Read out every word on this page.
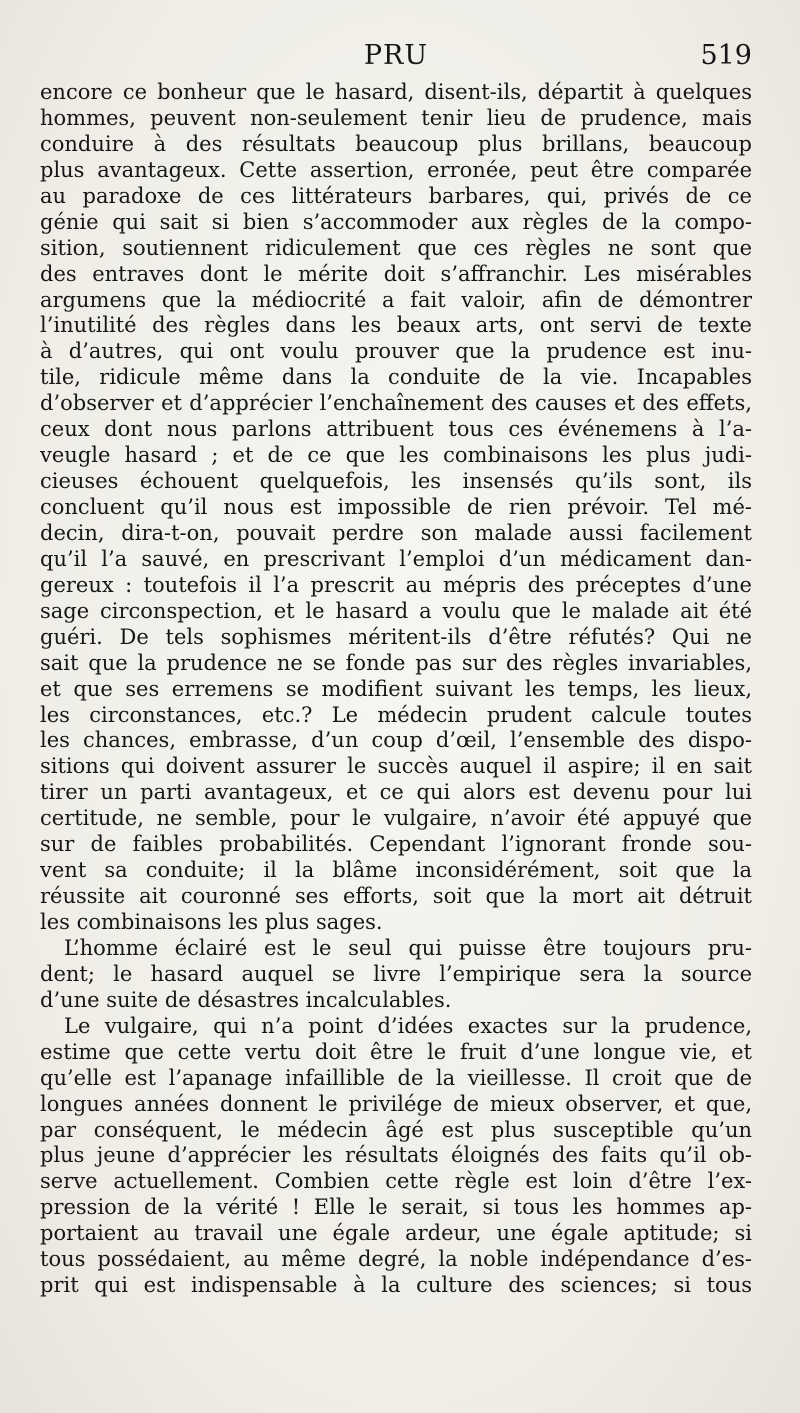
PRU	519
encore ce bonheur que le hasard, disent-ils, départit à quelques
hommes, peuvent non-seulement tenir lieu de prudence, mais
conduire à des résultats beaucoup plus brillans, beaucoup
plus avantageux. Cette assertion, erronée, peut être comparée
au paradoxe de ces littérateurs barbares, qui, privés de ce
génie qui sait si bien s’accommoder aux règles de la compo-
sition, soutiennent ridiculement que ces règles ne sont que
des entraves dont le mérite doit s’affranchir. Les misérables
argumens que la médiocrité a fait valoir, afin de démontrer
l’inutilité des règles dans les beaux arts, ont servi de texte
à d’autres, qui ont voulu prouver que la prudence est inu-
tile, ridicule même dans la conduite de la vie. Incapables
d’observer et d’apprécier l’enchaînement des causes et des effets,
ceux dont nous parlons attribuent tous ces événemens à l’a-
veugle hasard ; et de ce que les combinaisons les plus judi-
cieuses échouent quelquefois, les insensés qu’ils sont, ils
concluent qu’il nous est impossible de rien prévoir. Tel mé-
decin, dira-t-on, pouvait perdre son malade aussi facilement
qu’il l’a sauvé, en prescrivant l’emploi d’un médicament dan-
gereux : toutefois il l’a prescrit au mépris des préceptes d’une
sage circonspection, et le hasard a voulu que le malade ait été
guéri. De tels sophismes méritent-ils d’être réfutés? Qui ne
sait que la prudence ne se fonde pas sur des règles invariables,
et que ses erremens se modifient suivant les temps, les lieux,
les circonstances, etc.? Le médecin prudent calcule toutes
les chances, embrasse, d’un coup d’œil, l’ensemble des dispo-
sitions qui doivent assurer le succès auquel il aspire; il en sait
tirer un parti avantageux, et ce qui alors est devenu pour lui
certitude, ne semble, pour le vulgaire, n’avoir été appuyé que
sur de faibles probabilités. Cependant l’ignorant fronde sou-
vent sa conduite; il la blâme inconsidérément, soit que la
réussite ait couronné ses efforts, soit que la mort ait détruit
les combinaisons les plus sages.
L’homme éclairé est le seul qui puisse être toujours pru-
dent; le hasard auquel se livre l’empirique sera la source
d’une suite de désastres incalculables.
Le vulgaire, qui n’a point d’idées exactes sur la prudence,
estime que cette vertu doit être le fruit d’une longue vie, et
qu’elle est l’apanage infaillible de la vieillesse. Il croit que de
longues années donnent le privilége de mieux observer, et que,
par conséquent, le médecin âgé est plus susceptible qu’un
plus jeune d’apprécier les résultats éloignés des faits qu’il ob-
serve actuellement. Combien cette règle est loin d’être l’ex-
pression de la vérité ! Elle le serait, si tous les hommes ap-
portaient au travail une égale ardeur, une égale aptitude; si
tous possédaient, au même degré, la noble indépendance d’es-
prit qui est indispensable à la culture des sciences; si tous
